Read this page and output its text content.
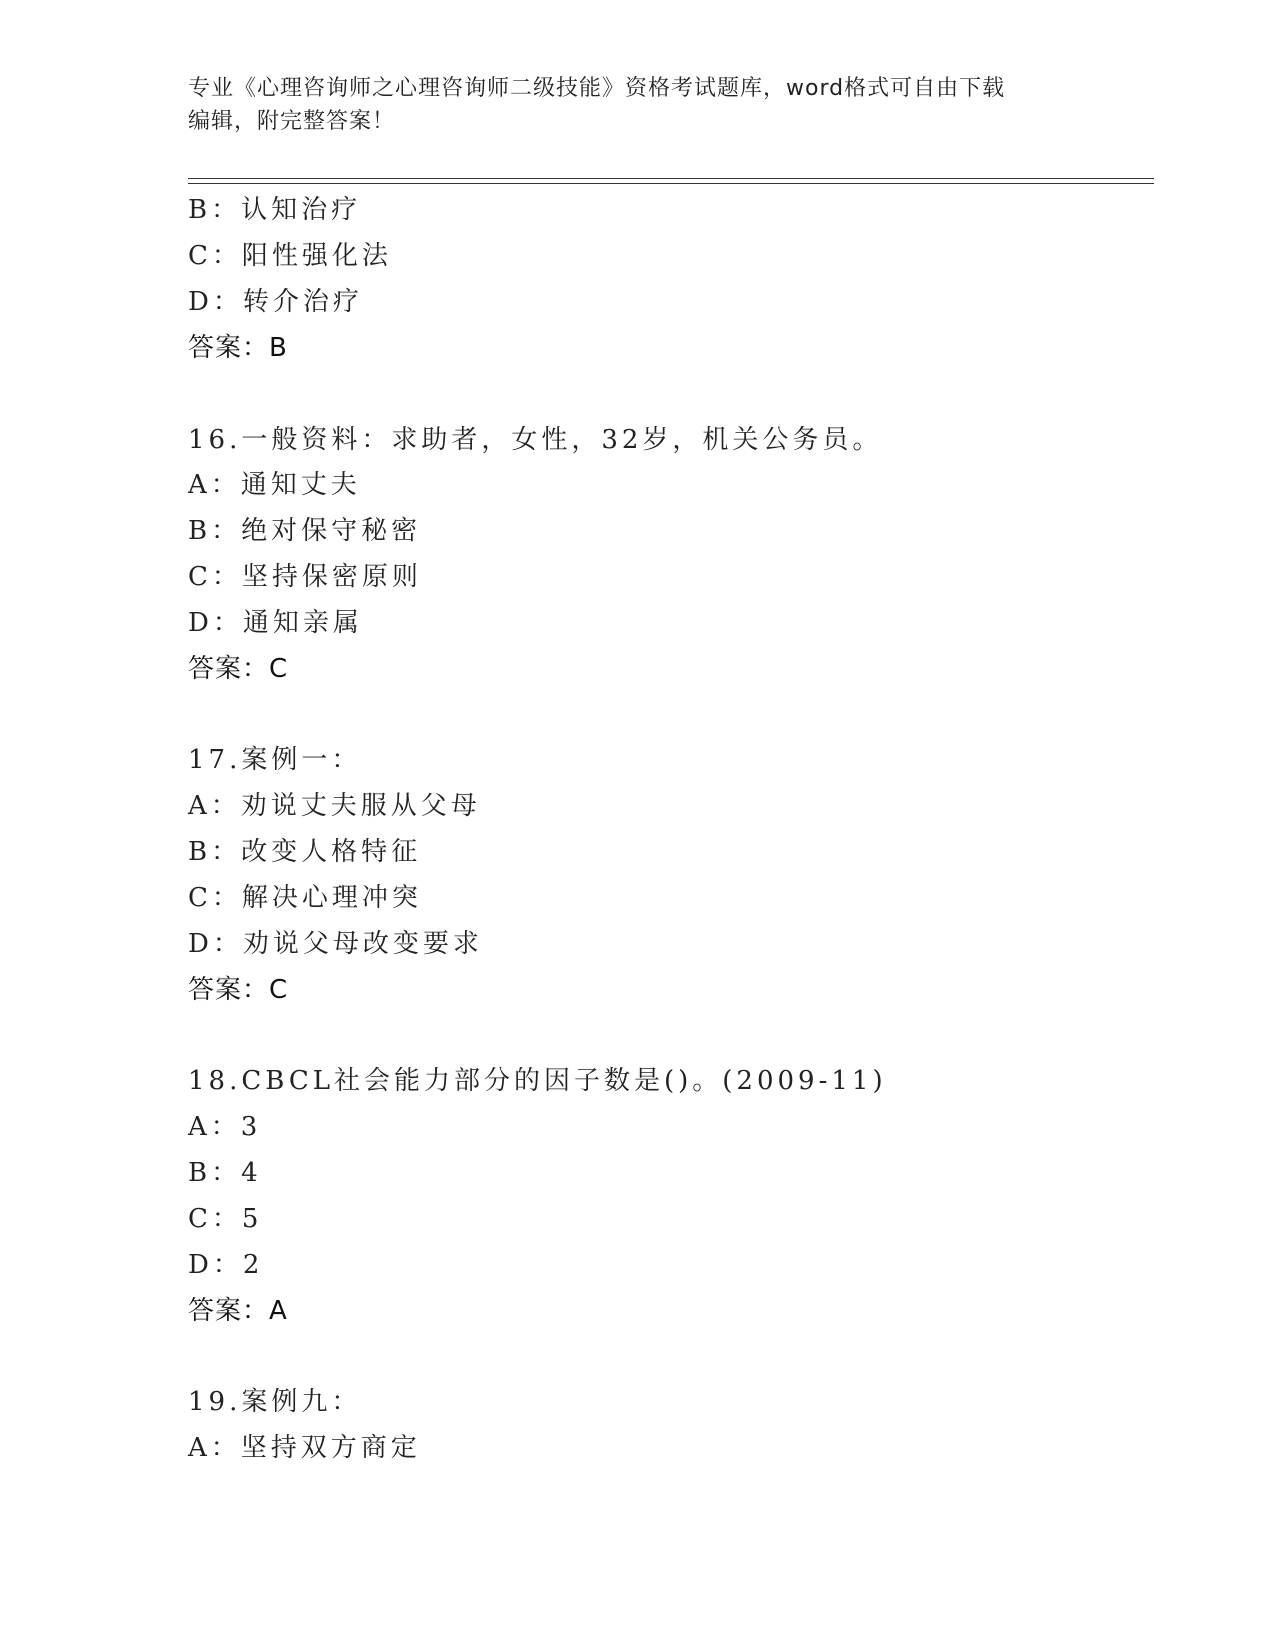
专业《心理咨询师之心理咨询师二级技能》资格考试题库，word格式可自由下载
编辑，附完整答案！
B：认知治疗
C：阳性强化法
D：转介治疗
答案：B
16.一般资料：求助者，女性，32岁，机关公务员。
A：通知丈夫
B：绝对保守秘密
C：坚持保密原则
D：通知亲属
答案：C
17.案例一：
A：劝说丈夫服从父母
B：改变人格特征
C：解决心理冲突
D：劝说父母改变要求
答案：C
18.CBCL社会能力部分的因子数是()。(2009-11)
A：3
B：4
C：5
D：2
答案：A
19.案例九：
A：坚持双方商定
